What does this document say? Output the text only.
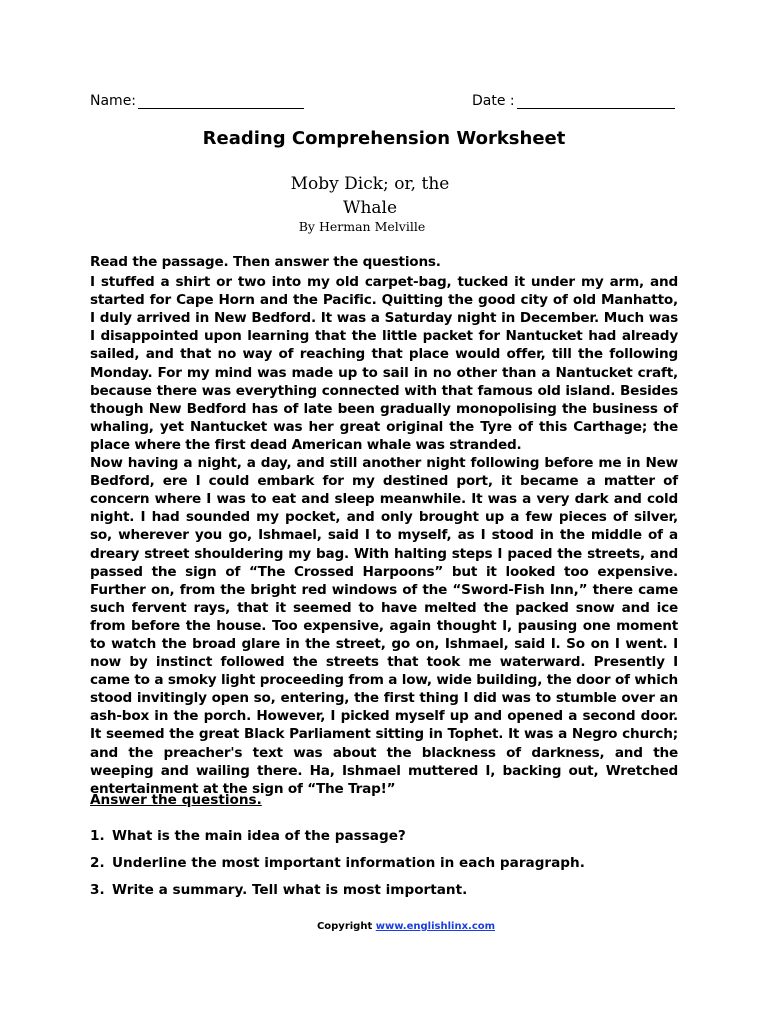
Name:	Date :
Reading Comprehension Worksheet
Moby Dick; or, the
Whale
By Herman Melville

Read the passage. Then answer the questions.

I stuffed a shirt or two into my old carpet-bag, tucked it under my arm, and started for Cape Horn and the Pacific. Quitting the good city of old Manhatto, I duly arrived in New Bedford. It was a Saturday night in December. Much was I disappointed upon learning that the little packet for Nantucket had already sailed, and that no way of reaching that place would offer, till the following Monday. For my mind was made up to sail in no other than a Nantucket craft, because there was everything connected with that famous old island. Besides though New Bedford has of late been gradually monopolising the business of whaling, yet Nantucket was her great original the Tyre of this Carthage; the place where the first dead American whale was stranded.

Now having a night, a day, and still another night following before me in New Bedford, ere I could embark for my destined port, it became a matter of concern where I was to eat and sleep meanwhile. It was a very dark and cold night. I had sounded my pocket, and only brought up a few pieces of silver, so, wherever you go, Ishmael, said I to myself, as I stood in the middle of a dreary street shouldering my bag. With halting steps I paced the streets, and passed the sign of “The Crossed Harpoons” but it looked too expensive. Further on, from the bright red windows of the “Sword-Fish Inn,” there came such fervent rays, that it seemed to have melted the packed snow and ice from before the house. Too expensive, again thought I, pausing one moment to watch the broad glare in the street, go on, Ishmael, said I. So on I went. I now by instinct followed the streets that took me waterward. Presently I came to a smoky light proceeding from a low, wide building, the door of which stood invitingly open so, entering, the first thing I did was to stumble over an ash-box in the porch. However, I picked myself up and opened a second door. It seemed the great Black Parliament sitting in Tophet. It was a Negro church; and the preacher's text was about the blackness of darkness, and the weeping and wailing there. Ha, Ishmael muttered I, backing out, Wretched entertainment at the sign of “The Trap!”

Answer the questions.
1. What is the main idea of the passage?
2. Underline the most important information in each paragraph.
3. Write a summary. Tell what is most important.
Copyright www.englishlinx.com
